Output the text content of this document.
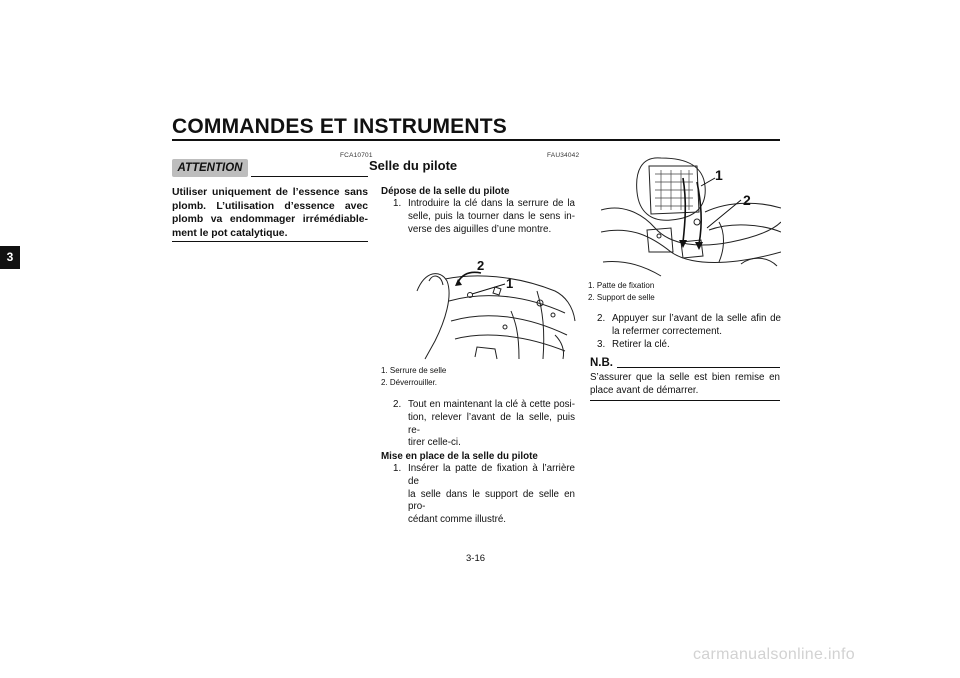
COMMANDES ET INSTRUMENTS
3
FCA10701
ATTENTION
Utiliser uniquement de l’essence sans
plomb. L’utilisation d’essence avec
plomb va endommager irrémédiable-
ment le pot catalytique.
FAU34042
Selle du pilote
Dépose de la selle du pilote
1. Introduire la clé dans la serrure de la
selle, puis la tourner dans le sens in-
verse des aiguilles d’une montre.
2
1
1. Serrure de selle
2. Déverrouiller.
2. Tout en maintenant la clé à cette posi-
tion, relever l’avant de la selle, puis re-
tirer celle-ci.
Mise en place de la selle du pilote
1. Insérer la patte de fixation à l’arrière de
la selle dans le support de selle en pro-
cédant comme illustré.
1
2
1. Patte de fixation
2. Support de selle
2. Appuyer sur l’avant de la selle afin de
la refermer correctement.
3. Retirer la clé.
N.B.
S’assurer que la selle est bien remise en
place avant de démarrer.
3-16
carmanualsonline.info
